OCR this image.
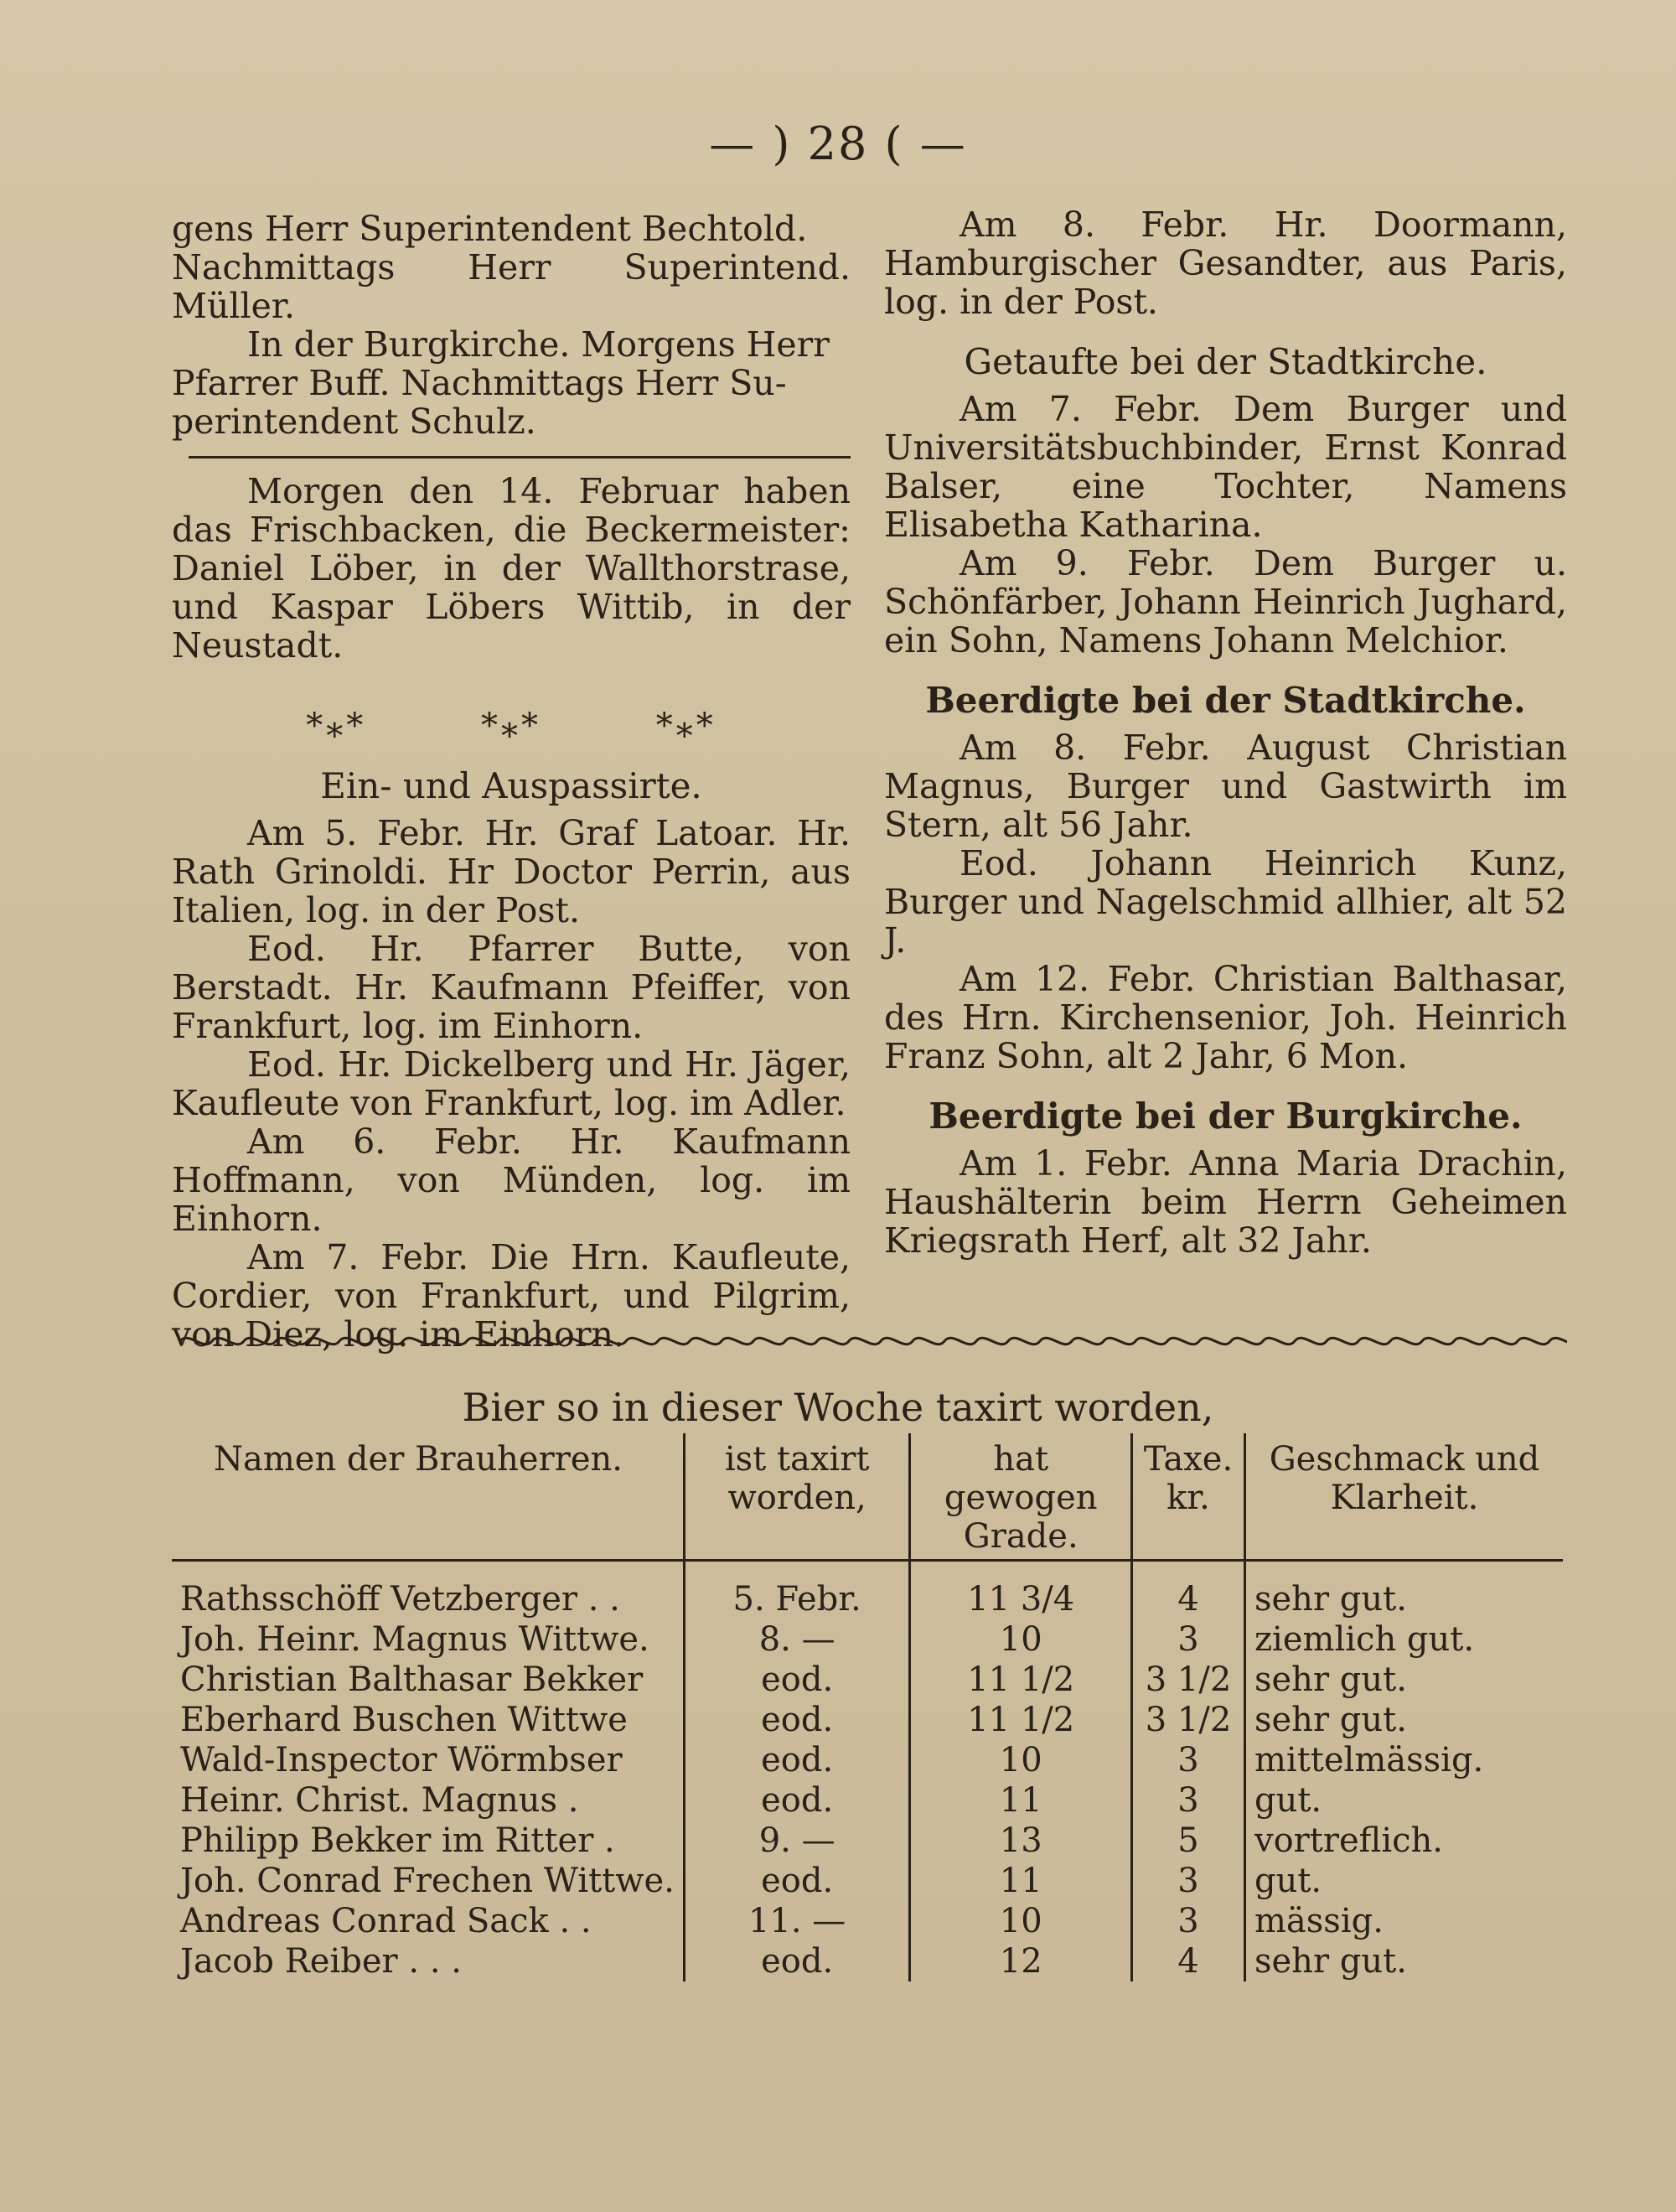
— ) 28 ( —

gens Herr Superintendent Bechtold.

Nachmittags Herr Superintend. Müller.

In der Burgkirche. Morgens Herr

Pfarrer Buff. Nachmittags Herr Su-

perintendent Schulz.

Morgen den 14. Februar haben das Frischbacken, die Beckermeister: Daniel Löber, in der Wallthorstrase, und Kaspar Löbers Wittib, in der Neustadt.

*⁎*	*⁎*	*⁎*
Ein- und Auspassirte.

Am 5. Febr. Hr. Graf Latoar. Hr. Rath Grinoldi. Hr Doctor Perrin, aus Italien, log. in der Post.

Eod. Hr. Pfarrer Butte, von Berstadt. Hr. Kaufmann Pfeiffer, von Frankfurt, log. im Einhorn.

Eod. Hr. Dickelberg und Hr. Jäger, Kaufleute von Frankfurt, log. im Adler.

Am 6. Febr. Hr. Kaufmann Hoffmann, von Münden, log. im Einhorn.

Am 7. Febr. Die Hrn. Kaufleute, Cordier, von Frankfurt, und Pilgrim, von Diez, log. im Einhorn.

Am 8. Febr. Hr. Doormann, Hamburgischer Gesandter, aus Paris, log. in der Post.

Getaufte bei der Stadtkirche.

Am 7. Febr. Dem Burger und Universitätsbuchbinder, Ernst Konrad Balser, eine Tochter, Namens Elisabetha Katharina.

Am 9. Febr. Dem Burger u. Schönfärber, Johann Heinrich Jughard, ein Sohn, Namens Johann Melchior.

Beerdigte bei der Stadtkirche.

Am 8. Febr. August Christian Magnus, Burger und Gastwirth im Stern, alt 56 Jahr.

Eod. Johann Heinrich Kunz, Burger und Nagelschmid allhier, alt 52 J.

Am 12. Febr. Christian Balthasar, des Hrn. Kirchensenior, Joh. Heinrich Franz Sohn, alt 2 Jahr, 6 Mon.

Beerdigte bei der Burgkirche.

Am 1. Febr. Anna Maria Drachin, Haushälterin beim Herrn Geheimen Kriegsrath Herf, alt 32 Jahr.

Bier so in dieser Woche taxirt worden,
Namen der Brauherren.	ist taxirt worden,	hat gewogen Grade.	Taxe. kr.	Geschmack und Klarheit.
Rathsschöff Vetzberger . .	5. Febr.	11 3/4	4	sehr gut.
Joh. Heinr. Magnus Wittwe.	8. —	10	3	ziemlich gut.
Christian Balthasar Bekker	eod.	11 1/2	3 1/2	sehr gut.
Eberhard Buschen Wittwe	eod.	11 1/2	3 1/2	sehr gut.
Wald-Inspector Wörmbser	eod.	10	3	mittelmässig.
Heinr. Christ. Magnus .	eod.	11	3	gut.
Philipp Bekker im Ritter .	9. —	13	5	vortreflich.
Joh. Conrad Frechen Wittwe.	eod.	11	3	gut.
Andreas Conrad Sack . .	11. —	10	3	mässig.
Jacob Reiber . . .	eod.	12	4	sehr gut.
